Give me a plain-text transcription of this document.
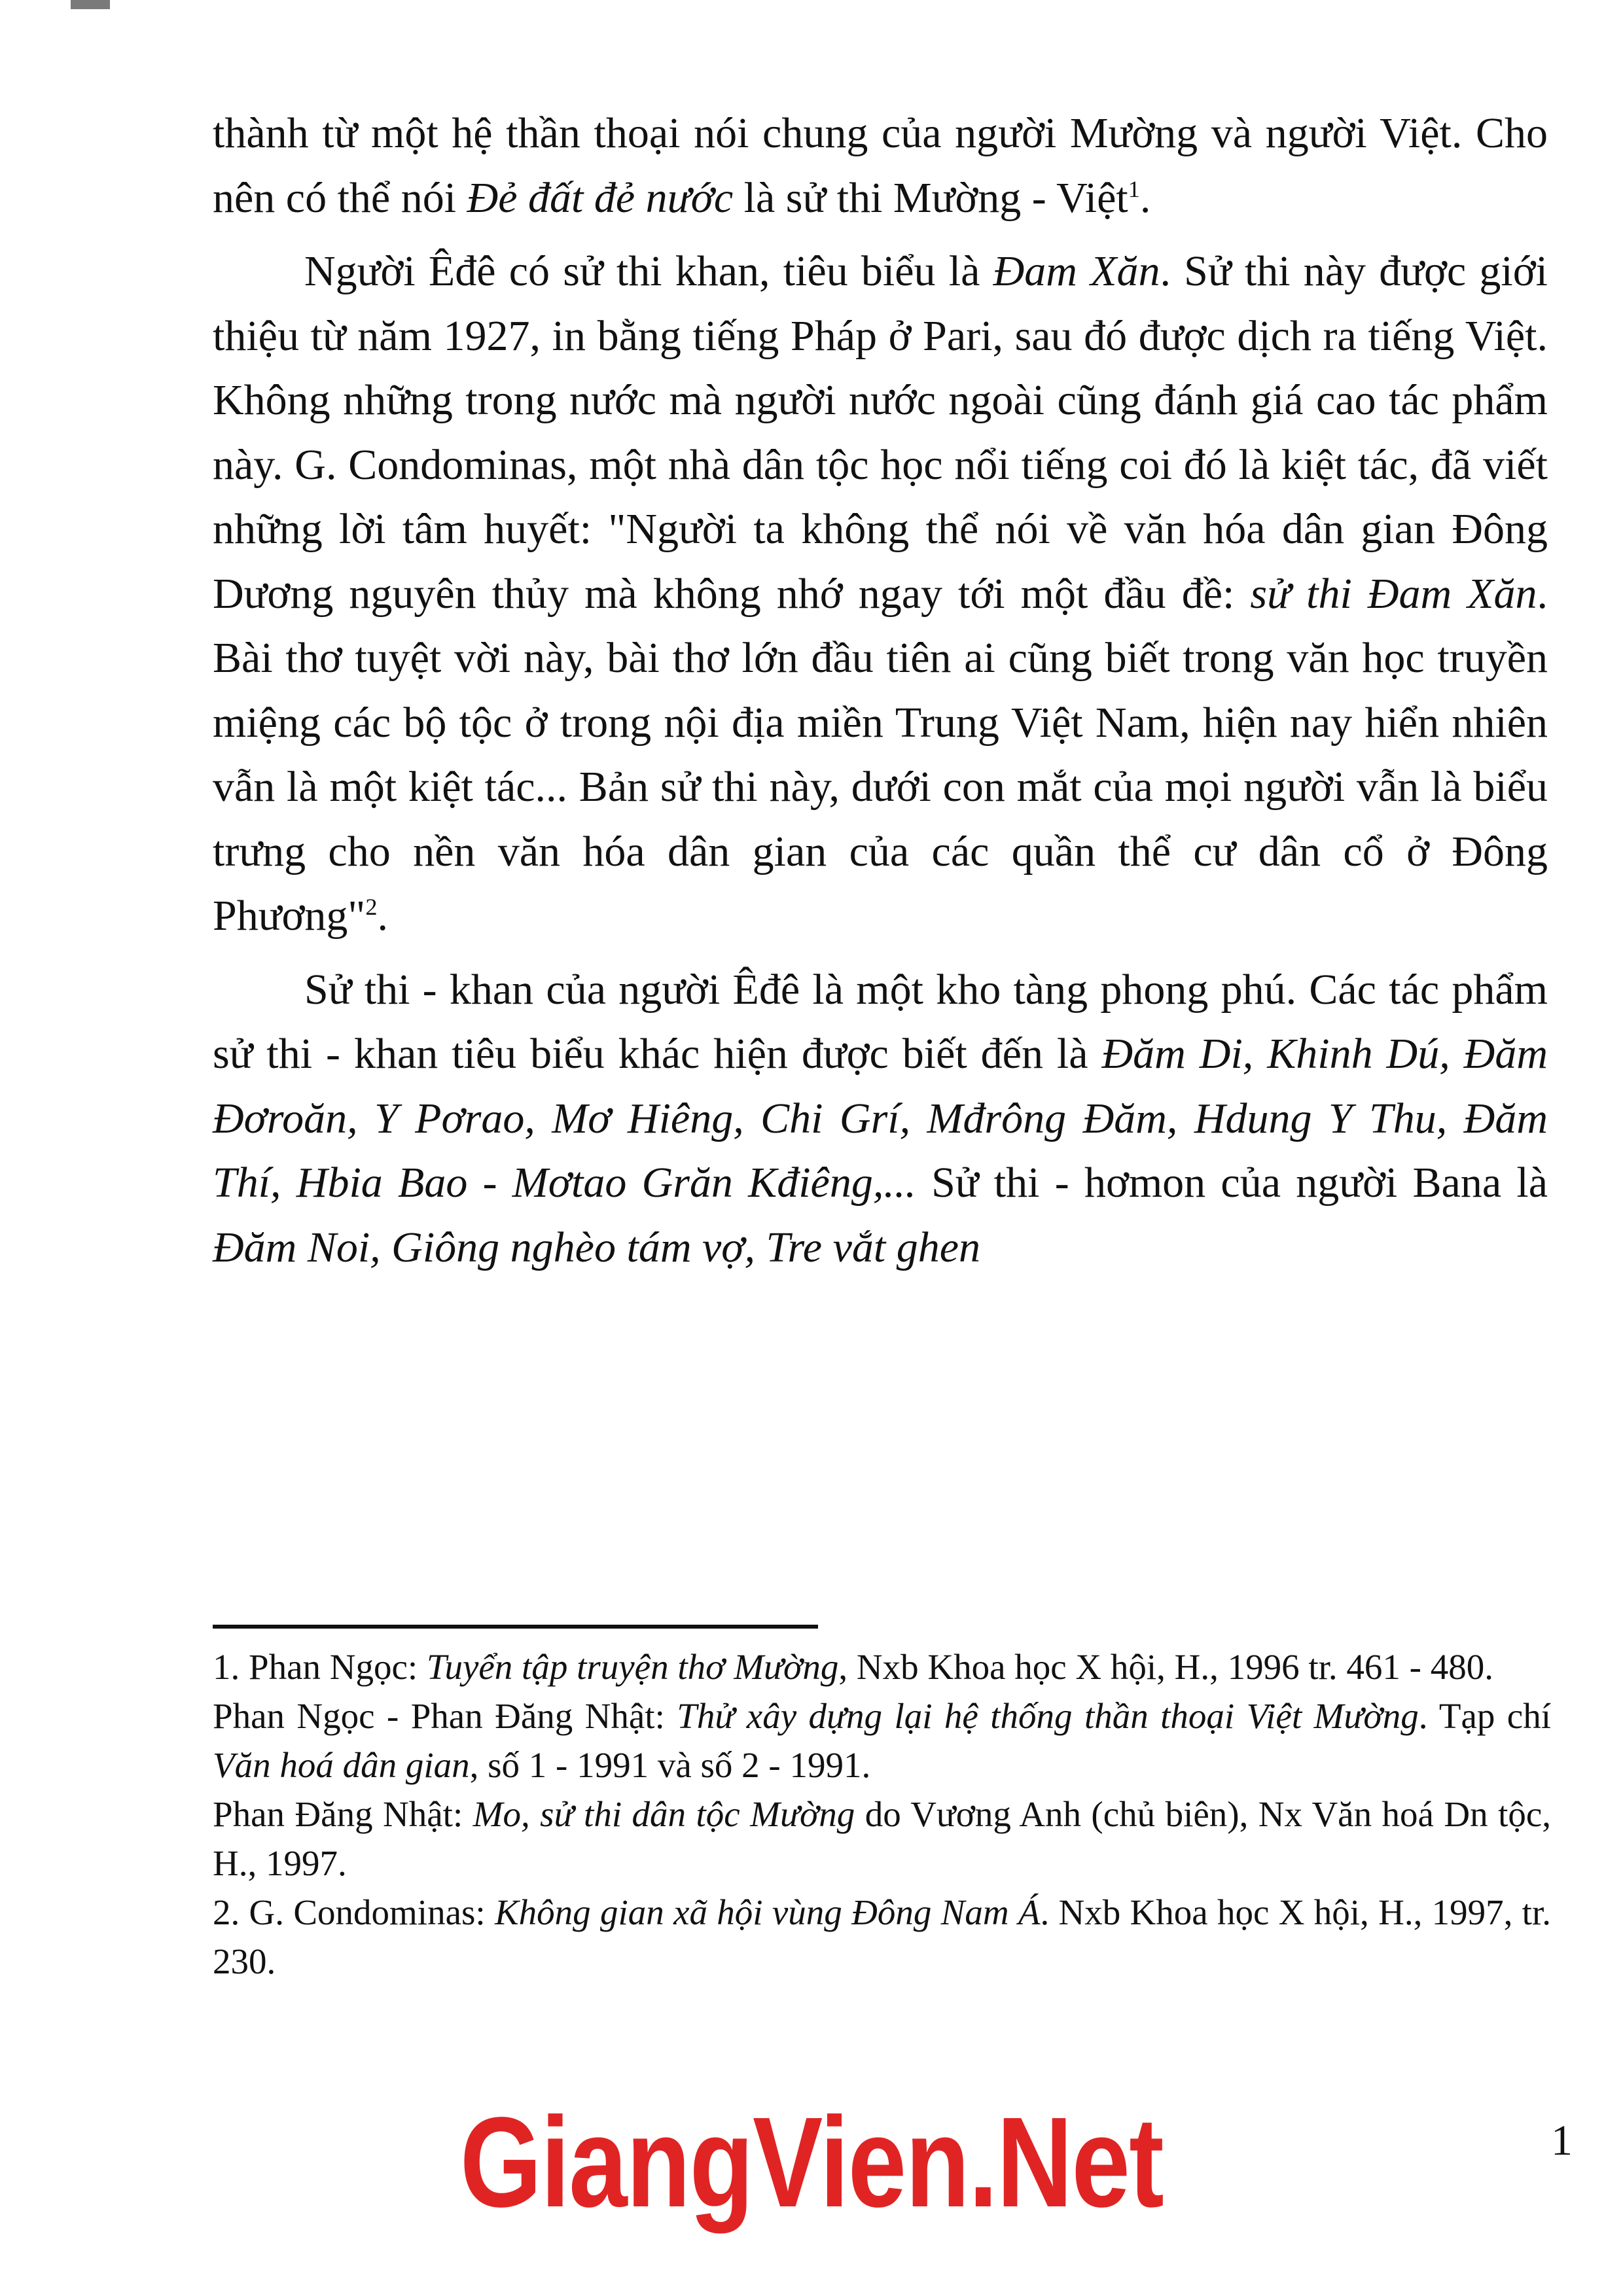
thành từ một hệ thần thoại nói chung của người Mường và người Việt. Cho nên có thể nói Đẻ đất đẻ nước là sử thi Mường - Việt$^1$.

Người Êđê có sử thi khan, tiêu biểu là Đam Xăn. Sử thi này được giới thiệu từ năm 1927, in bằng tiếng Pháp ở Pari, sau đó được dịch ra tiếng Việt. Không những trong nước mà người nước ngoài cũng đánh giá cao tác phẩm này. G. Condominas, một nhà dân tộc học nổi tiếng coi đó là kiệt tác, đã viết những lời tâm huyết: "Người ta không thể nói về văn hóa dân gian Đông Dương nguyên thủy mà không nhớ ngay tới một đầu đề: sử thi Đam Xăn. Bài thơ tuyệt vời này, bài thơ lớn đầu tiên ai cũng biết trong văn học truyền miệng các bộ tộc ở trong nội địa miền Trung Việt Nam, hiện nay hiển nhiên vẫn là một kiệt tác... Bản sử thi này, dưới con mắt của mọi người vẫn là biểu trưng cho nền văn hóa dân gian của các quần thể cư dân cổ ở Đông Phương"$^2$.

Sử thi - khan của người Êđê là một kho tàng phong phú. Các tác phẩm sử thi - khan tiêu biểu khác hiện được biết đến là Đăm Di, Khinh Dú, Đăm Đơroăn, Y Pơrao, Mơ Hiêng, Chi Grí, Mđrông Đăm, Hdung Y Thu, Đăm Thí, Hbia Bao - Mơtao Grăn Kđiêng,... Sử thi - hơmon của người Bana là Đăm Noi, Giông nghèo tám vợ, Tre vắt ghen

1. Phan Ngọc: Tuyển tập truyện thơ Mường, Nxb Khoa học X hội, H., 1996 tr. 461 - 480.

Phan Ngọc - Phan Đăng Nhật: Thử xây dựng lại hệ thống thần thoại Việt Mường. Tạp chí Văn hoá dân gian, số 1 - 1991 và số 2 - 1991.

Phan Đăng Nhật: Mo, sử thi dân tộc Mường do Vương Anh (chủ biên), Nx Văn hoá Dn tộc, H., 1997.

2. G. Condominas: Không gian xã hội vùng Đông Nam Á. Nxb Khoa học X hội, H., 1997, tr. 230.

1
GiangVien.Net
